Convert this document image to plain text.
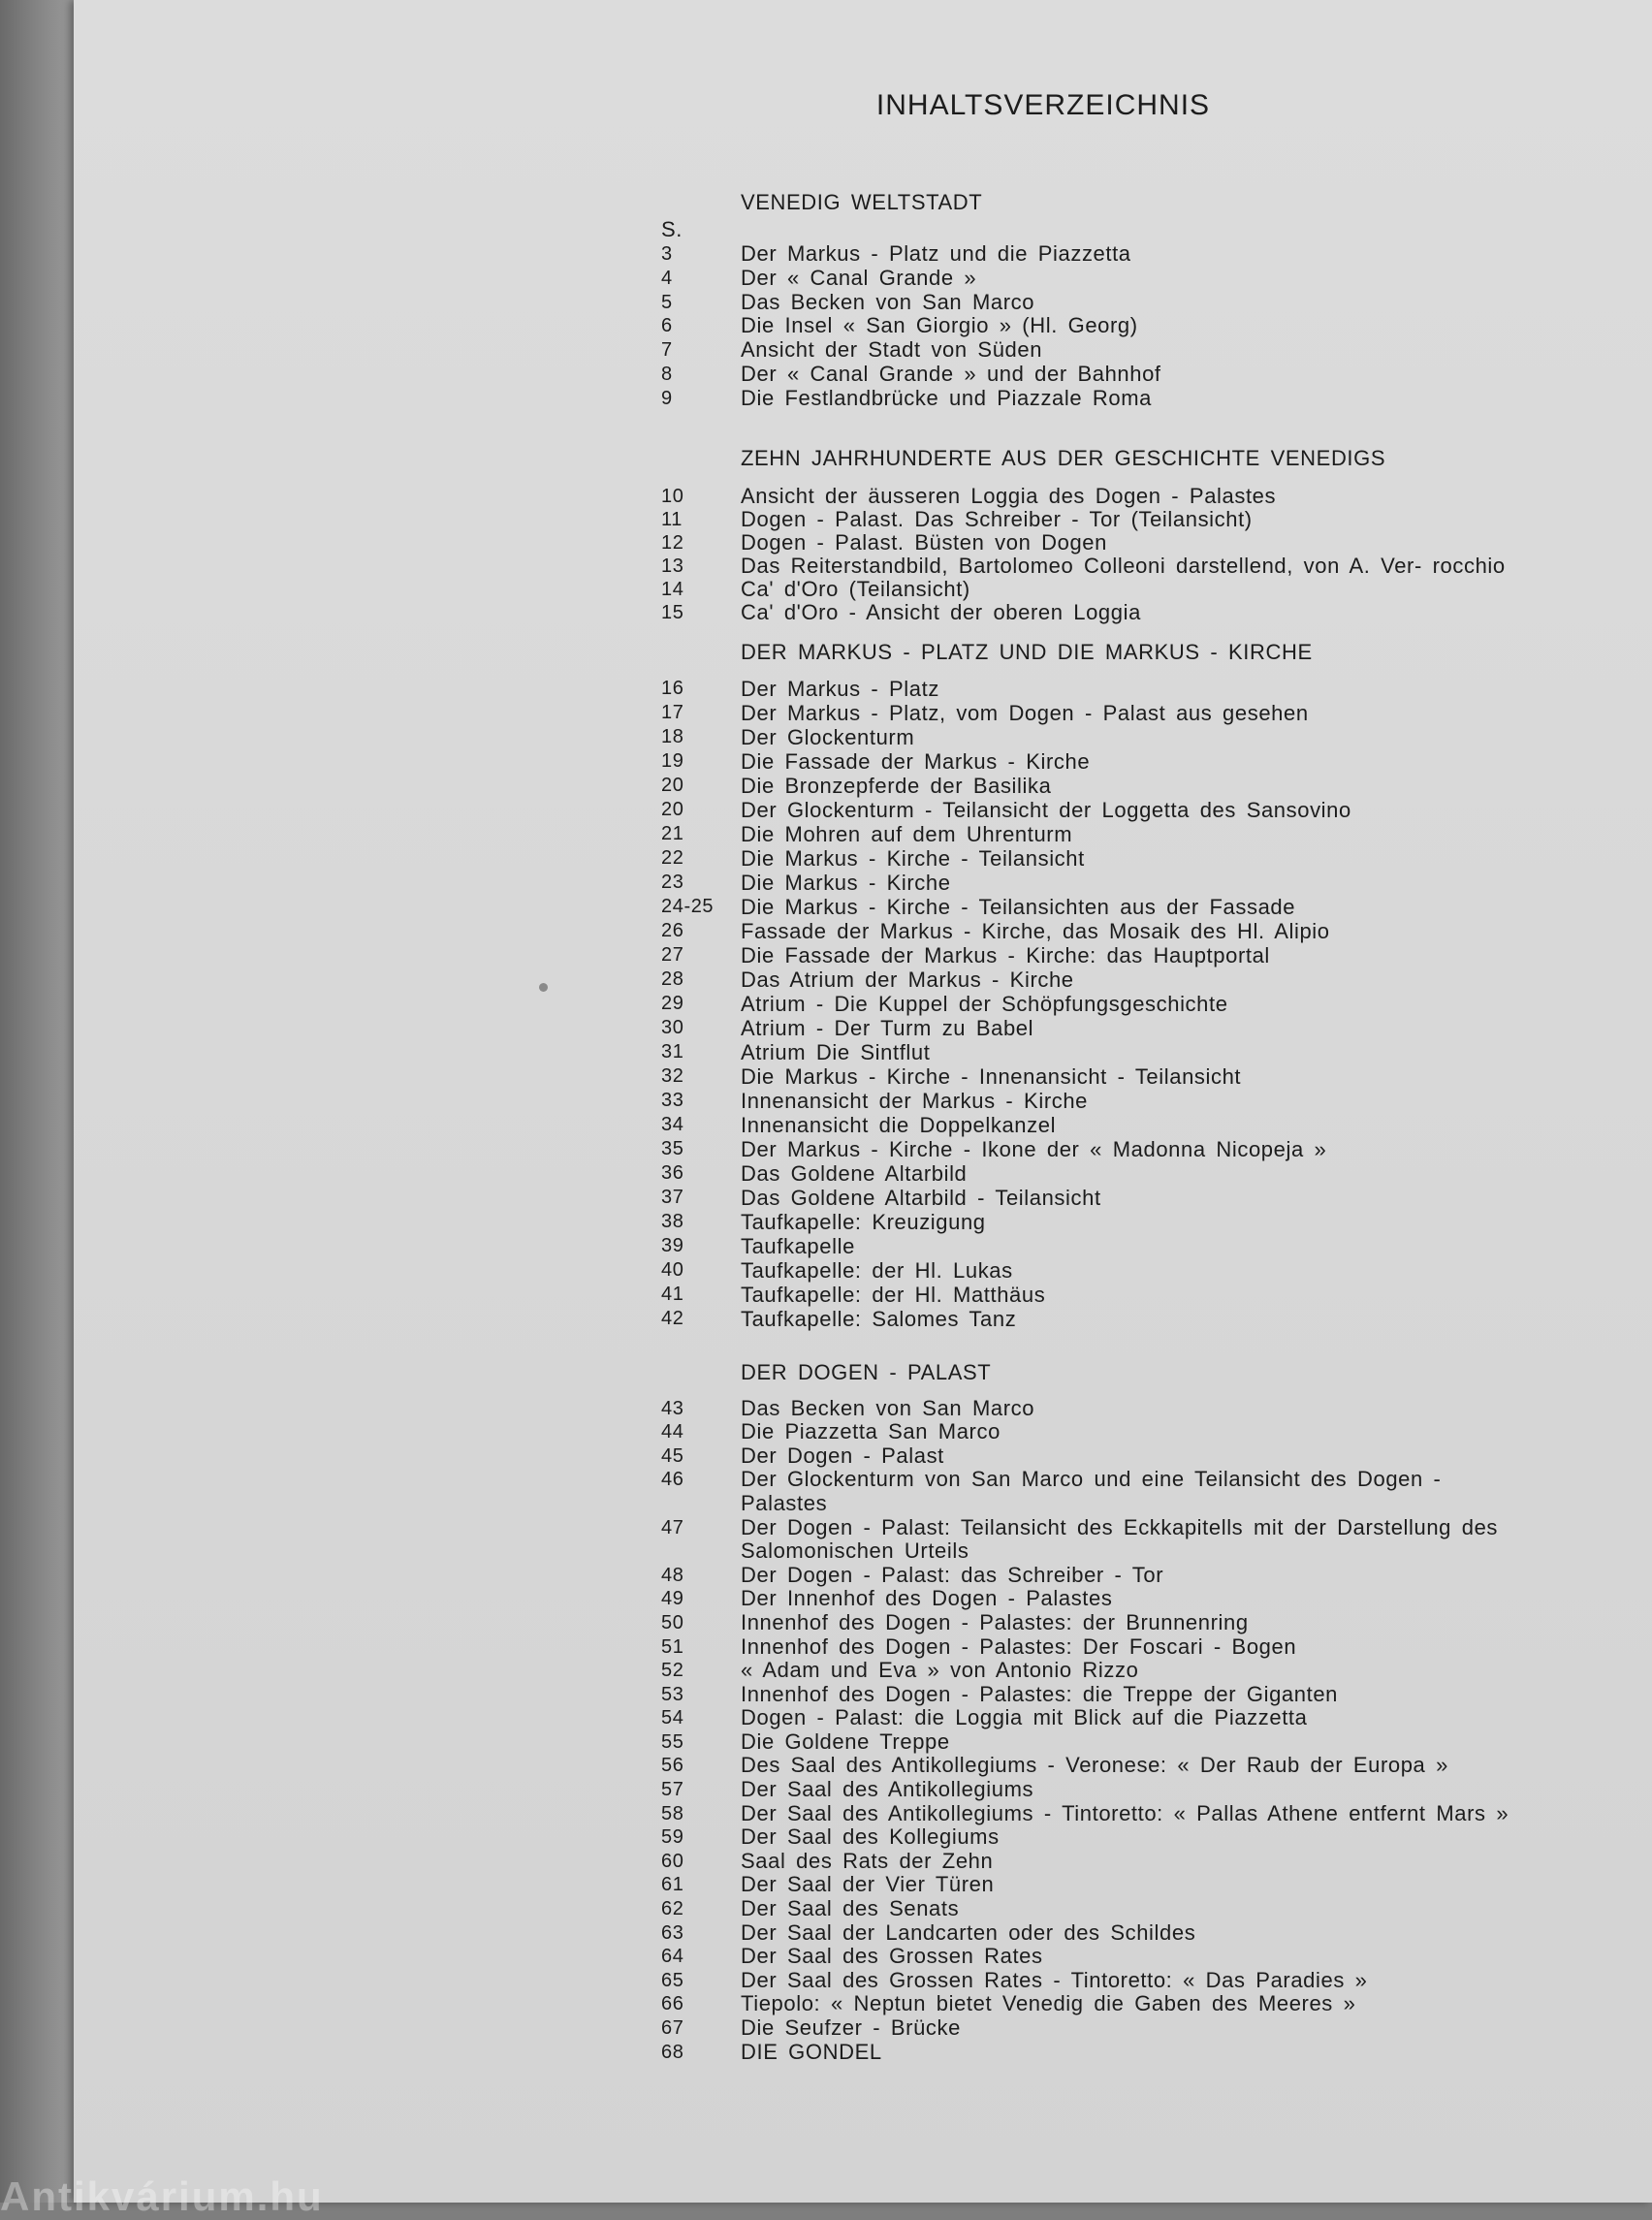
INHALTSVERZEICHNIS
VENEDIG WELTSTADT
S.
3	Der Markus - Platz und die Piazzetta
4	Der « Canal Grande »
5	Das Becken von San Marco
6	Die Insel « San Giorgio » (Hl. Georg)
7	Ansicht der Stadt von Süden
8	Der « Canal Grande » und der Bahnhof
9	Die Festlandbrücke und Piazzale Roma
ZEHN JAHRHUNDERTE AUS DER GESCHICHTE VENEDIGS
10	Ansicht der äusseren Loggia des Dogen - Palastes
11	Dogen - Palast. Das Schreiber - Tor (Teilansicht)
12	Dogen - Palast. Büsten von Dogen
13	Das Reiterstandbild, Bartolomeo Colleoni darstellend, von A. Ver- rocchio
14	Ca' d'Oro (Teilansicht)
15	Ca' d'Oro - Ansicht der oberen Loggia
DER MARKUS - PLATZ UND DIE MARKUS - KIRCHE
16	Der Markus - Platz
17	Der Markus - Platz, vom Dogen - Palast aus gesehen
18	Der Glockenturm
19	Die Fassade der Markus - Kirche
20	Die Bronzepferde der Basilika
20	Der Glockenturm - Teilansicht der Loggetta des Sansovino
21	Die Mohren auf dem Uhrenturm
22	Die Markus - Kirche - Teilansicht
23	Die Markus - Kirche
24-25	Die Markus - Kirche - Teilansichten aus der Fassade
26	Fassade der Markus - Kirche, das Mosaik des Hl. Alipio
27	Die Fassade der Markus - Kirche: das Hauptportal
28	Das Atrium der Markus - Kirche
29	Atrium - Die Kuppel der Schöpfungsgeschichte
30	Atrium - Der Turm zu Babel
31	Atrium Die Sintflut
32	Die Markus - Kirche - Innenansicht - Teilansicht
33	Innenansicht der Markus - Kirche
34	Innenansicht die Doppelkanzel
35	Der Markus - Kirche - Ikone der « Madonna Nicopeja »
36	Das Goldene Altarbild
37	Das Goldene Altarbild - Teilansicht
38	Taufkapelle: Kreuzigung
39	Taufkapelle
40	Taufkapelle: der Hl. Lukas
41	Taufkapelle: der Hl. Matthäus
42	Taufkapelle: Salomes Tanz
DER DOGEN - PALAST
43	Das Becken von San Marco
44	Die Piazzetta San Marco
45	Der Dogen - Palast
46	Der Glockenturm von San Marco und eine Teilansicht des Dogen - Palastes
47	Der Dogen - Palast: Teilansicht des Eckkapitells mit der Darstellung des Salomonischen Urteils
48	Der Dogen - Palast: das Schreiber - Tor
49	Der Innenhof des Dogen - Palastes
50	Innenhof des Dogen - Palastes: der Brunnenring
51	Innenhof des Dogen - Palastes: Der Foscari - Bogen
52	« Adam und Eva » von Antonio Rizzo
53	Innenhof des Dogen - Palastes: die Treppe der Giganten
54	Dogen - Palast: die Loggia mit Blick auf die Piazzetta
55	Die Goldene Treppe
56	Des Saal des Antikollegiums - Veronese: « Der Raub der Europa »
57	Der Saal des Antikollegiums
58	Der Saal des Antikollegiums - Tintoretto: « Pallas Athene entfernt Mars »
59	Der Saal des Kollegiums
60	Saal des Rats der Zehn
61	Der Saal der Vier Türen
62	Der Saal des Senats
63	Der Saal der Landcarten oder des Schildes
64	Der Saal des Grossen Rates
65	Der Saal des Grossen Rates - Tintoretto: « Das Paradies »
66	Tiepolo: « Neptun bietet Venedig die Gaben des Meeres »
67	Die Seufzer - Brücke
68	DIE GONDEL
Antikvárium.hu
